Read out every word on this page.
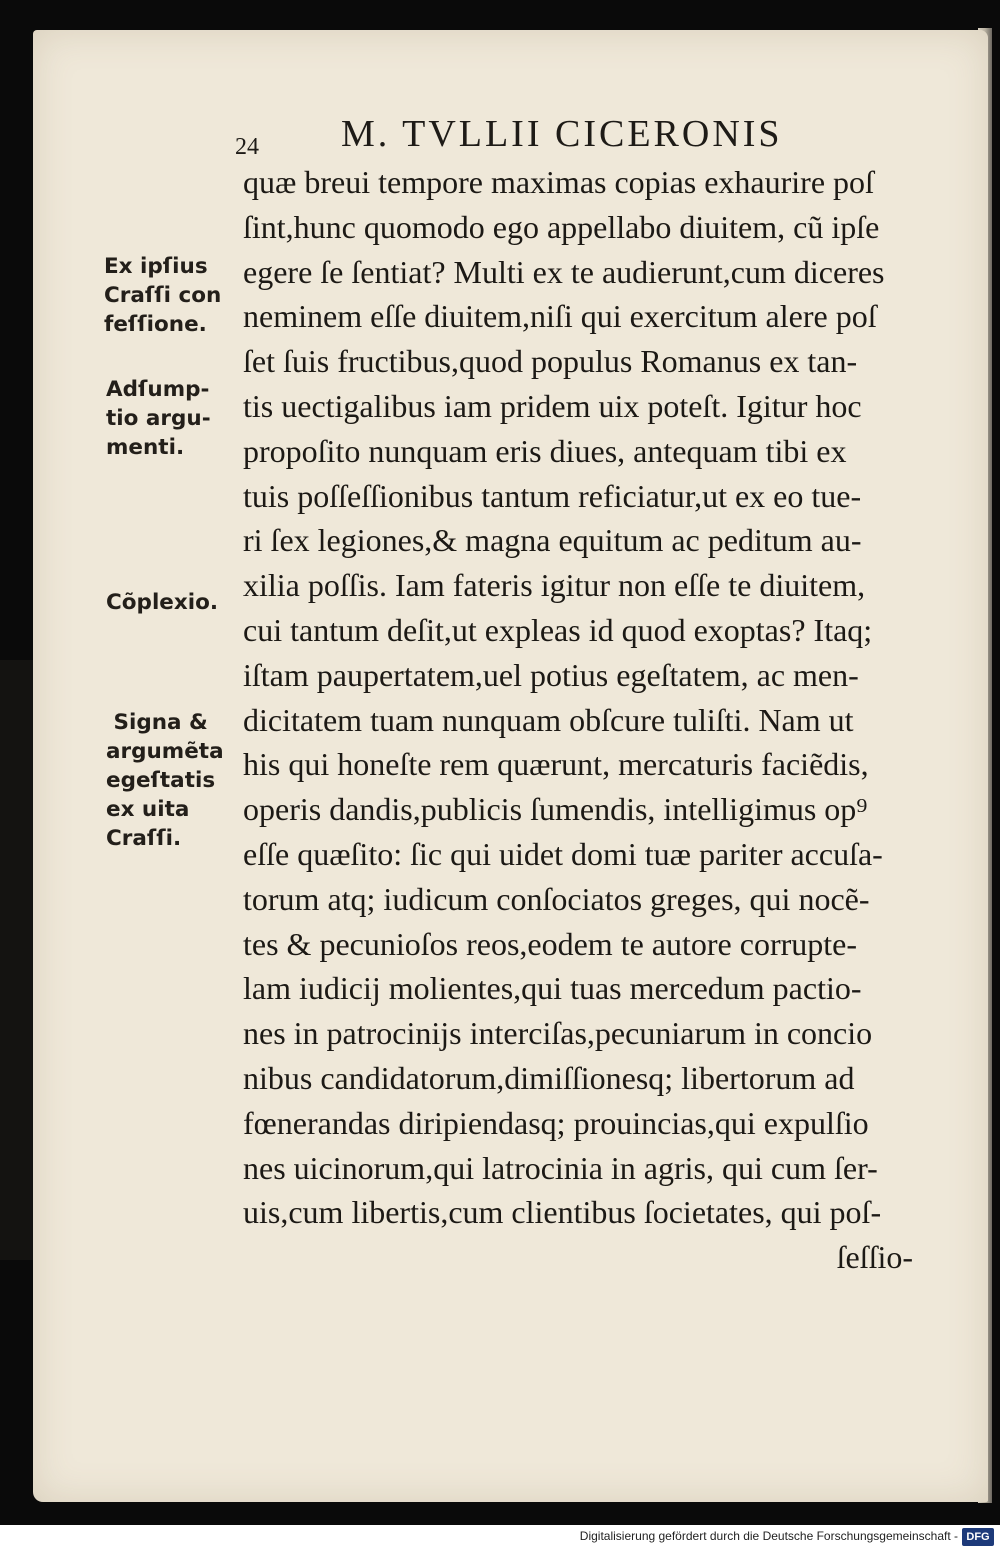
24 M. TVLLII CICERONIS
Ex ipſius
Craſſi con
feſſione.
Adſump-
tio argu-
menti.
Cõplexio.
Signa &
argumẽta
egeſtatis
ex uita
Craſſi.
quæ breui tempore maximas copias exhaurire poſ
ſint,hunc quomodo ego appellabo diuitem, cũ ipſe
egere ſe ſentiat? Multi ex te audierunt,cum diceres
neminem eſſe diuitem,niſi qui exercitum alere poſ
ſet ſuis fructibus,quod populus Romanus ex tan-
tis uectigalibus iam pridem uix poteſt. Igitur hoc
propoſito nunquam eris diues, antequam tibi ex
tuis poſſeſſionibus tantum reficiatur,ut ex eo tue-
ri ſex legiones,& magna equitum ac peditum au-
xilia poſſis. Iam fateris igitur non eſſe te diuitem,
cui tantum deſit,ut expleas id quod exoptas? Itaq;
iſtam paupertatem,uel potius egeſtatem, ac men-
dicitatem tuam nunquam obſcure tuliſti. Nam ut
his qui honeſte rem quærunt, mercaturis faciẽdis,
operis dandis,publicis ſumendis, intelligimus op⁹
eſſe quæſito: ſic qui uidet domi tuæ pariter accuſa-
torum atq; iudicum conſociatos greges, qui nocẽ-
tes & pecunioſos reos,eodem te autore corrupte-
lam iudicij molientes,qui tuas mercedum pactio-
nes in patrocinijs interciſas,pecuniarum in concio
nibus candidatorum,dimiſſionesq; libertorum ad
fœnerandas diripiendasq; prouincias,qui expulſio
nes uicinorum,qui latrocinia in agris, qui cum ſer-
uis,cum libertis,cum clientibus ſocietates, qui poſ-
ſeſſio-
Digitalisierung gefördert durch die Deutsche Forschungsgemeinschaft - DFG
